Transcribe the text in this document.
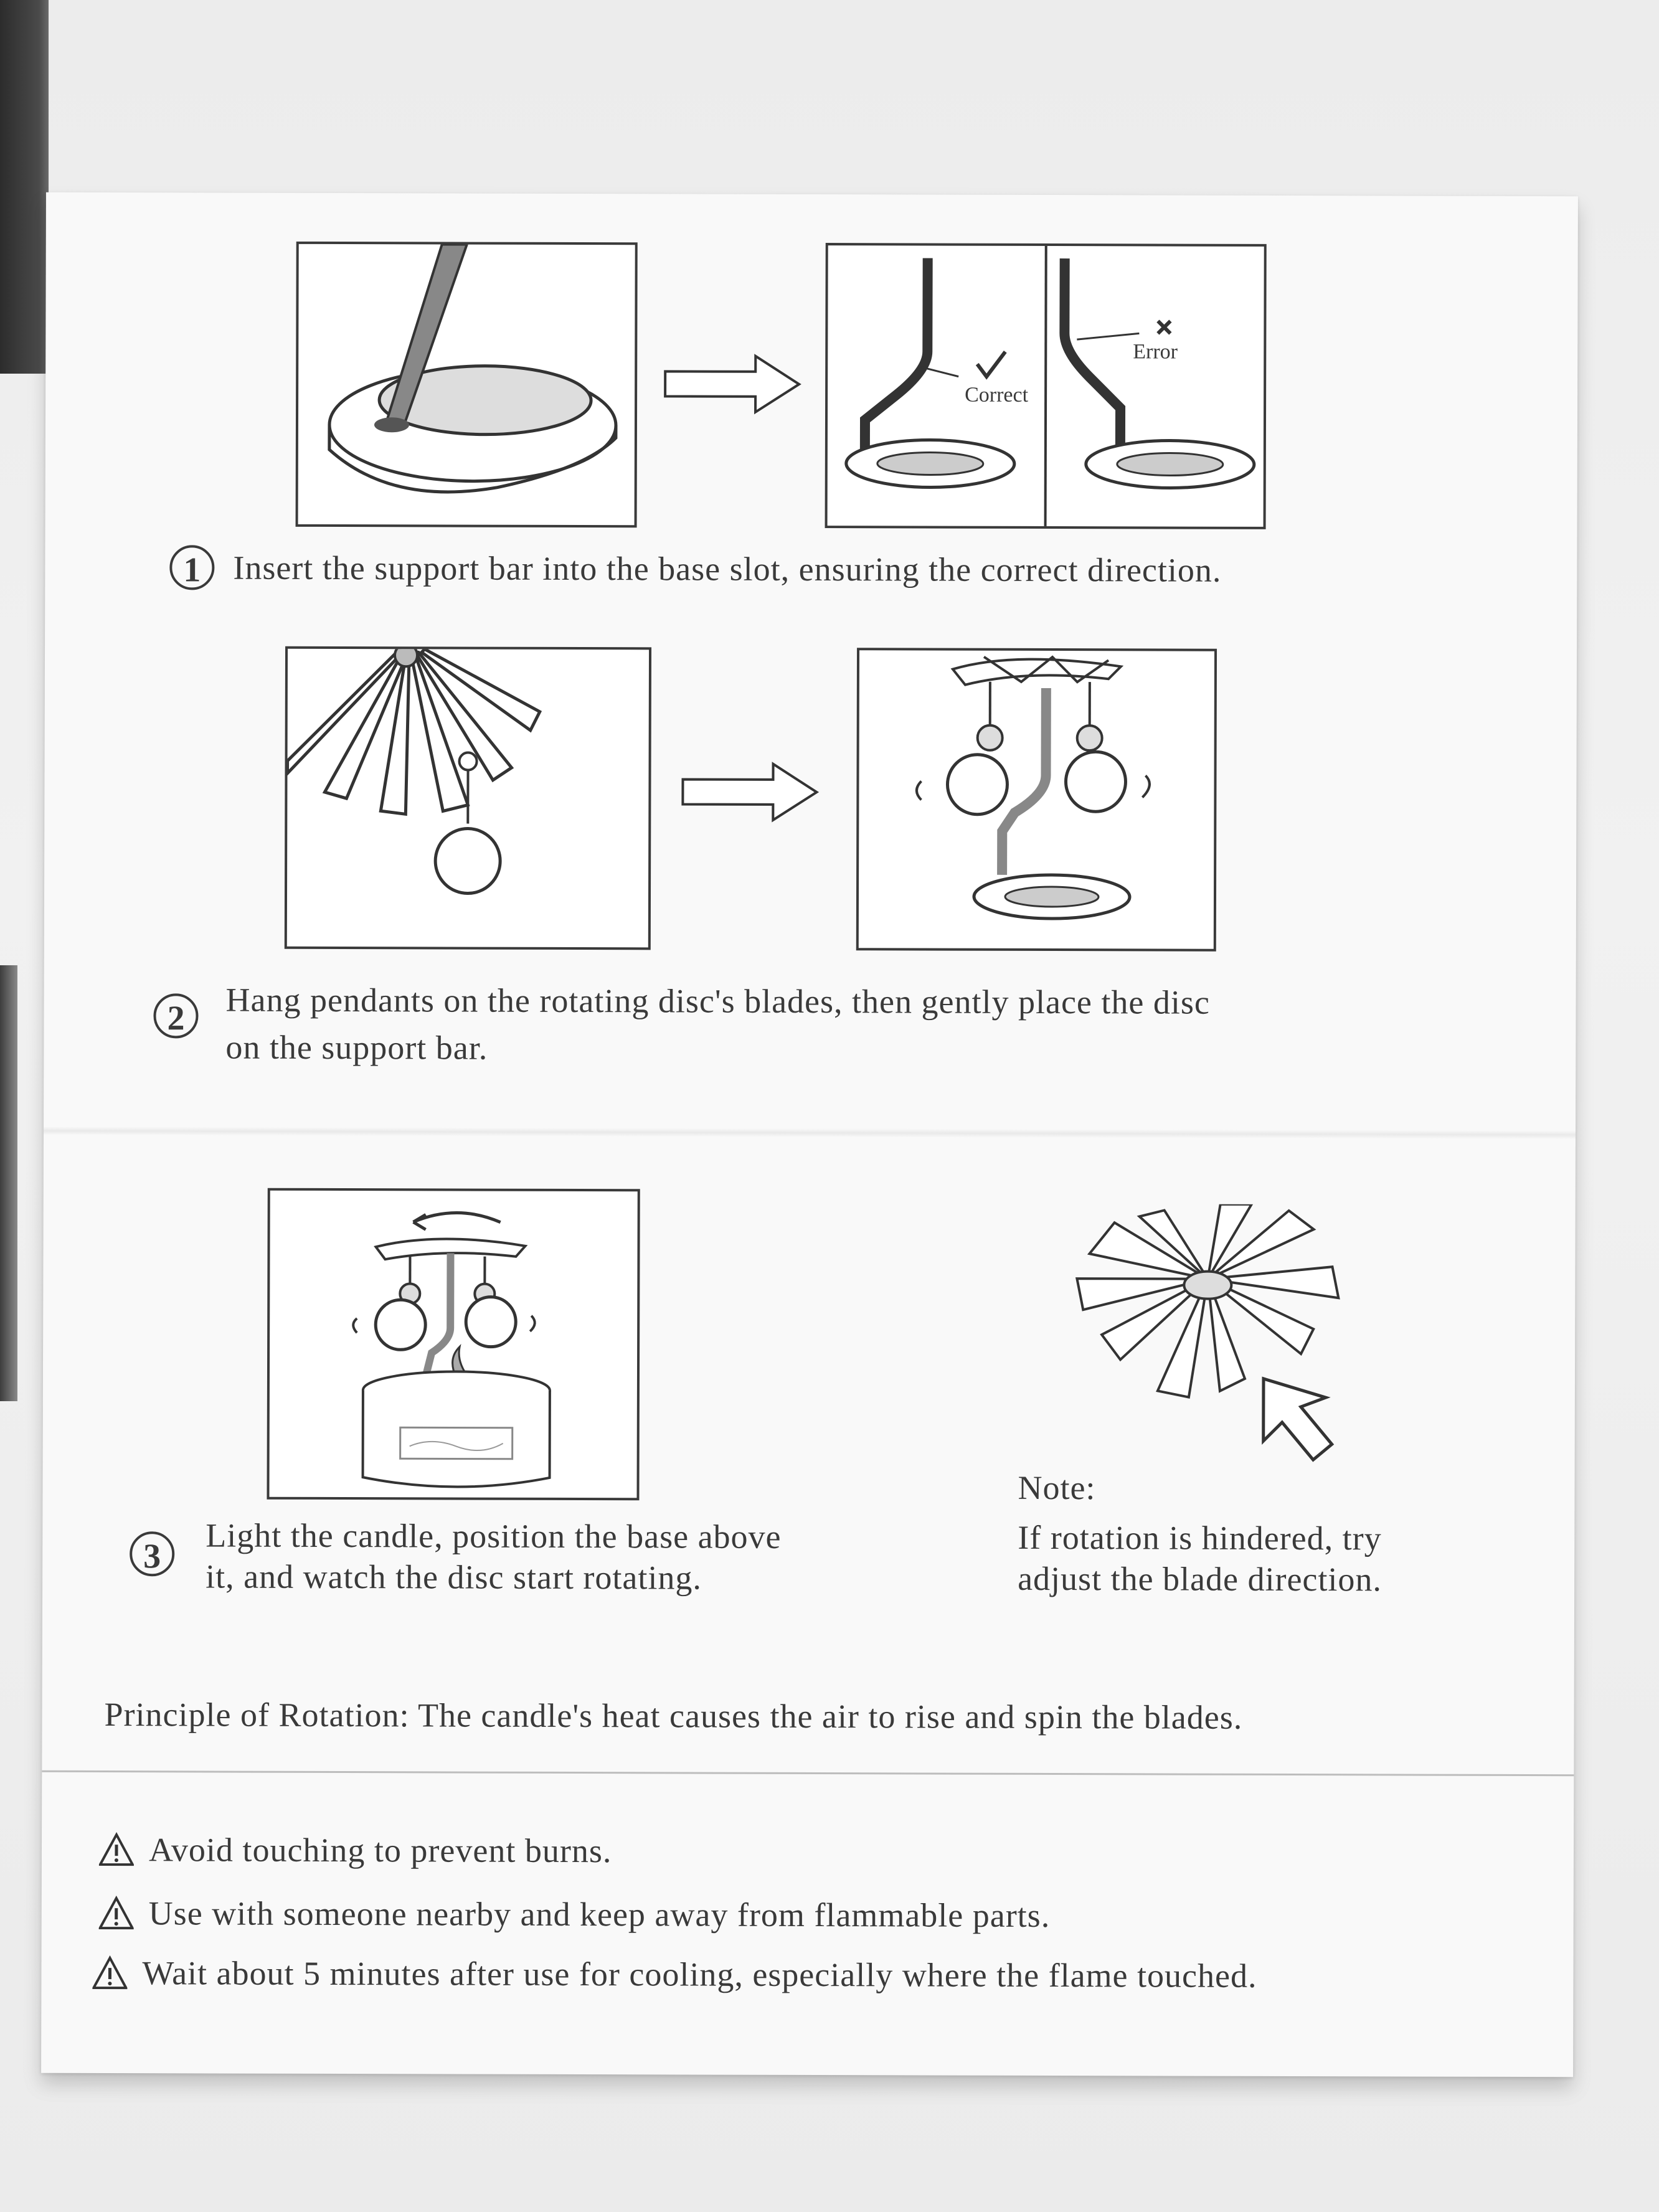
Correct
Error
1 Insert the support bar into the base slot, ensuring the correct direction.
2	Hang pendants on the rotating disc's blades, then gently place the disc
on the support bar.
Note:
If rotation is hindered, try
adjust the blade direction.
3
Light the candle, position the base above
it, and watch the disc start rotating.
Principle of Rotation: The candle's heat causes the air to rise and spin the blades.
Avoid touching to prevent burns.
Use with someone nearby and keep away from flammable parts.
Wait about 5 minutes after use for cooling, especially where the flame touched.
